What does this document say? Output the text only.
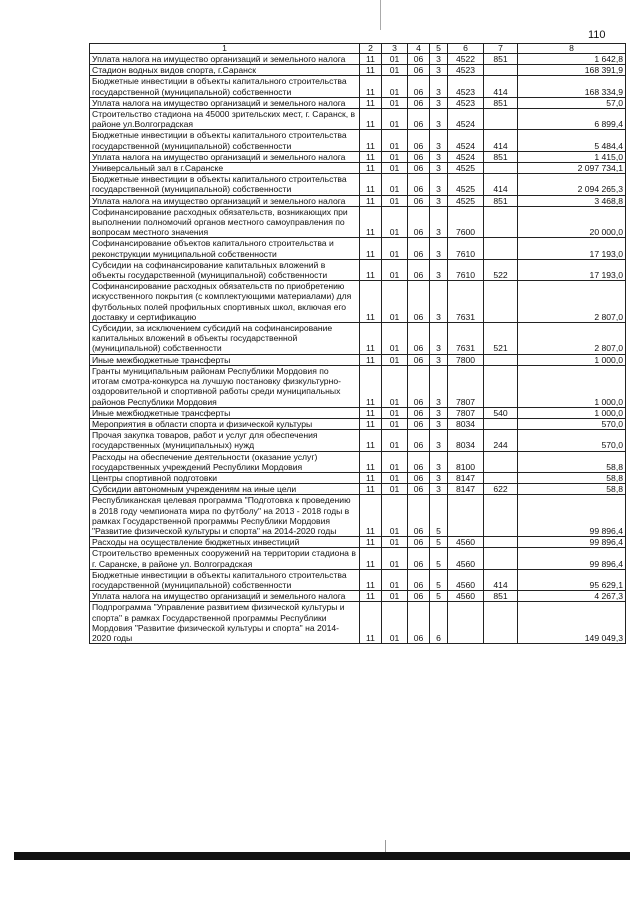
110
1	2	3	4	5	6	7	8
Уплата налога на имущество организаций и земельного налога	11	01	06	3	4522	851	1 642,8
Стадион водных видов спорта, г.Саранск	11	01	06	3	4523		168 391,9
Бюджетные инвестиции в объекты капитального строительства государственной (муниципальной) собственности	11	01	06	3	4523	414	168 334,9
Уплата налога на имущество организаций и земельного налога	11	01	06	3	4523	851	57,0
Строительство стадиона на 45000 зрительских мест, г. Саранск, в районе ул.Волгоградская	11	01	06	3	4524		6 899,4
Бюджетные инвестиции в объекты капитального строительства государственной (муниципальной) собственности	11	01	06	3	4524	414	5 484,4
Уплата налога на имущество организаций и земельного налога	11	01	06	3	4524	851	1 415,0
Универсальный зал в г.Саранске	11	01	06	3	4525		2 097 734,1
Бюджетные инвестиции в объекты капитального строительства государственной (муниципальной) собственности	11	01	06	3	4525	414	2 094 265,3
Уплата налога на имущество организаций и земельного налога	11	01	06	3	4525	851	3 468,8
Софинансирование расходных обязательств, возникающих при выполнении полномочий органов местного самоуправления по вопросам местного значения	11	01	06	3	7600		20 000,0
Софинансирование объектов капитального строительства и реконструкции муниципальной собственности	11	01	06	3	7610		17 193,0
Субсидии на софинансирование капитальных вложений в объекты государственной (муниципальной) собственности	11	01	06	3	7610	522	17 193,0
Софинансирование расходных обязательств по приобретению искусственного покрытия (с комплектующими материалами) для футбольных полей профильных спортивных школ, включая его доставку и сертификацию	11	01	06	3	7631		2 807,0
Субсидии, за исключением субсидий на софинансирование капитальных вложений в объекты государственной (муниципальной) собственности	11	01	06	3	7631	521	2 807,0
Иные межбюджетные трансферты	11	01	06	3	7800		1 000,0
Гранты муниципальным районам Республики Мордовия по итогам смотра-конкурса на лучшую постановку физкультурно-оздоровительной и спортивной работы среди муниципальных районов Республики Мордовия	11	01	06	3	7807		1 000,0
Иные межбюджетные трансферты	11	01	06	3	7807	540	1 000,0
Мероприятия в области спорта и физической культуры	11	01	06	3	8034		570,0
Прочая закупка товаров, работ и услуг для обеспечения государственных (муниципальных) нужд	11	01	06	3	8034	244	570,0
Расходы на обеспечение деятельности (оказание услуг) государственных учреждений Республики Мордовия	11	01	06	3	8100		58,8
Центры спортивной подготовки	11	01	06	3	8147		58,8
Субсидии автономным учреждениям на иные цели	11	01	06	3	8147	622	58,8
Республиканская целевая программа "Подготовка к проведению в 2018 году чемпионата мира по футболу" на 2013 - 2018 годы в рамках Государственной программы Республики Мордовия "Развитие физической культуры и спорта" на 2014-2020 годы	11	01	06	5			99 896,4
Расходы на осуществление бюджетных инвестиций	11	01	06	5	4560		99 896,4
Строительство временных сооружений на территории стадиона в г. Саранске, в районе ул. Волгоградская	11	01	06	5	4560		99 896,4
Бюджетные инвестиции в объекты капитального строительства государственной (муниципальной) собственности	11	01	06	5	4560	414	95 629,1
Уплата налога на имущество организаций и земельного налога	11	01	06	5	4560	851	4 267,3
Подпрограмма "Управление развитием физической культуры и спорта" в рамках Государственной программы Республики Мордовия "Развитие физической культуры и спорта" на 2014-2020 годы	11	01	06	6			149 049,3
